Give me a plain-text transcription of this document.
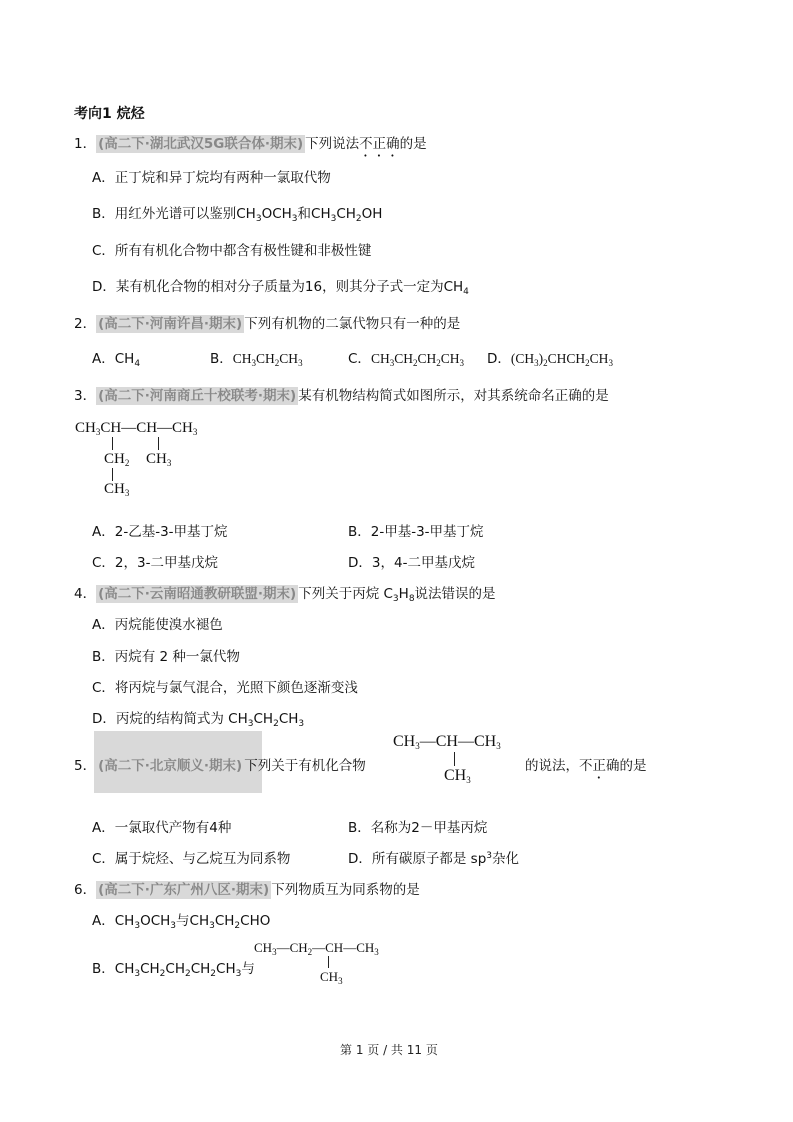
考向1 烷烃
1． (高二下·湖北武汉5G联合体·期末) 下列说法不正确的是
A．正丁烷和异丁烷均有两种一氯取代物
B．用红外光谱可以鉴别$CH_3OCH_3$和$CH_3CH_2OH$
C．所有有机化合物中都含有极性键和非极性键
D．某有机化合物的相对分子质量为16，则其分子式一定为$CH_4$
2． (高二下·河南许昌·期末) 下列有机物的二氯代物只有一种的是
A．$CH_4$	B．$CH_3CH_2CH_3$	C．$CH_3CH_2CH_2CH_3$ D．$(CH_3)_2CHCH_2CH_3$
3． (高二下·河南商丘十校联考·期末) 某有机物结构简式如图所示，对其系统命名正确的是
$CH_3CH—CH—CH_3$
$CH_2$ $CH_3$
$CH_3$
A．2-乙基-3-甲基丁烷	B．2-甲基-3-甲基丁烷
C．2，3-二甲基戊烷	D．3，4-二甲基戊烷
4． (高二下·云南昭通教研联盟·期末) 下列关于丙烷 $C_3H_8$说法错误的是
A．丙烷能使溴水褪色
B．丙烷有 2 种一氯代物
C．将丙烷与氯气混合，光照下颜色逐渐变浅
D．丙烷的结构简式为 $CH_3CH_2CH_3$
5． (高二下·北京顺义·期末) 下列关于有机化合物
$CH_3—CH—CH_3$
$CH_3$
的说法，不正确的是
A．一氯取代产物有4种	B．名称为2－甲基丙烷
C．属于烷烃、与乙烷互为同系物	D．所有碳原子都是 $sp^3$杂化
6． (高二下·广东广州八区·期末) 下列物质互为同系物的是
A．$CH_3OCH_3$与$CH_3CH_2CHO$
B．$CH_3CH_2CH_2CH_2CH_3$与
$CH_3—CH_2—CH—CH_3$
$CH_3$
第 1 页 / 共 11 页
